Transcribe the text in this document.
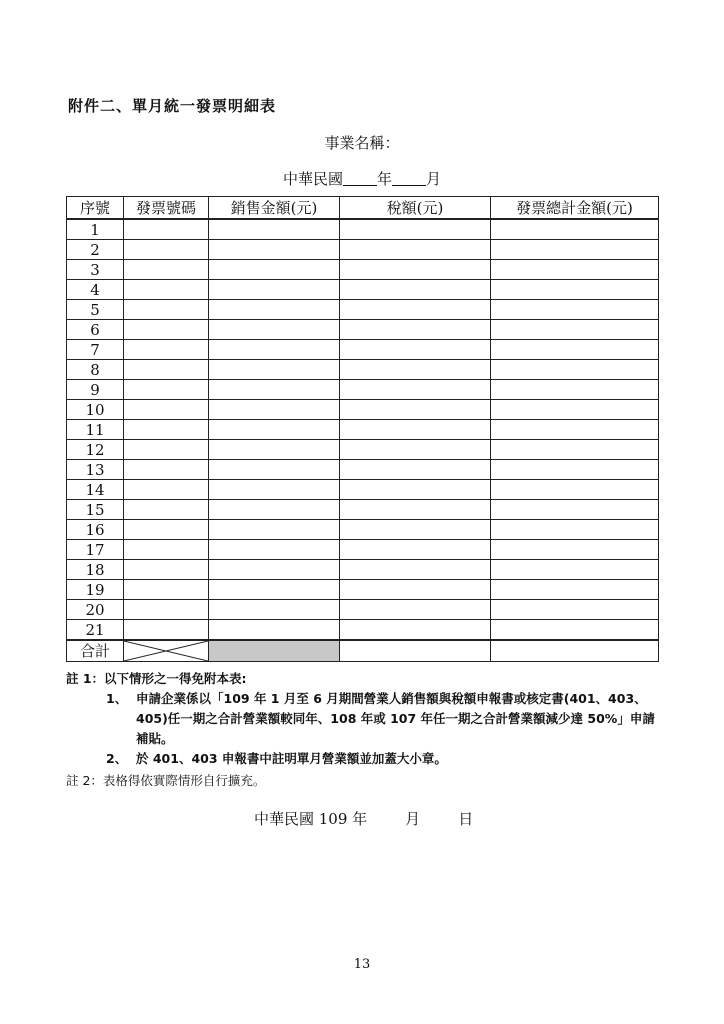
附件二、單月統一發票明細表
事業名稱：
中華民國 年 月
序號	發票號碼	銷售金額(元)	稅額(元)	發票總計金額(元)
1				
2				
3				
4				
5				
6				
7				
8				
9				
10				
11				
12				
13				
14				
15				
16				
17				
18				
19				
20				
21				
合計	

註 1：以下情形之一得免附本表:
1、 申請企業係以「109 年 1 月至 6 月期間營業人銷售額與稅額申報書或核定書(401、403、405)任一期之合計營業額較同年、108 年或 107 年任一期之合計營業額減少達 50%」申請補貼。
2、 於 401、403 申報書中註明單月營業額並加蓋大小章。
註 2：表格得依實際情形自行擴充。
中華民國 109 年	月	日
13
